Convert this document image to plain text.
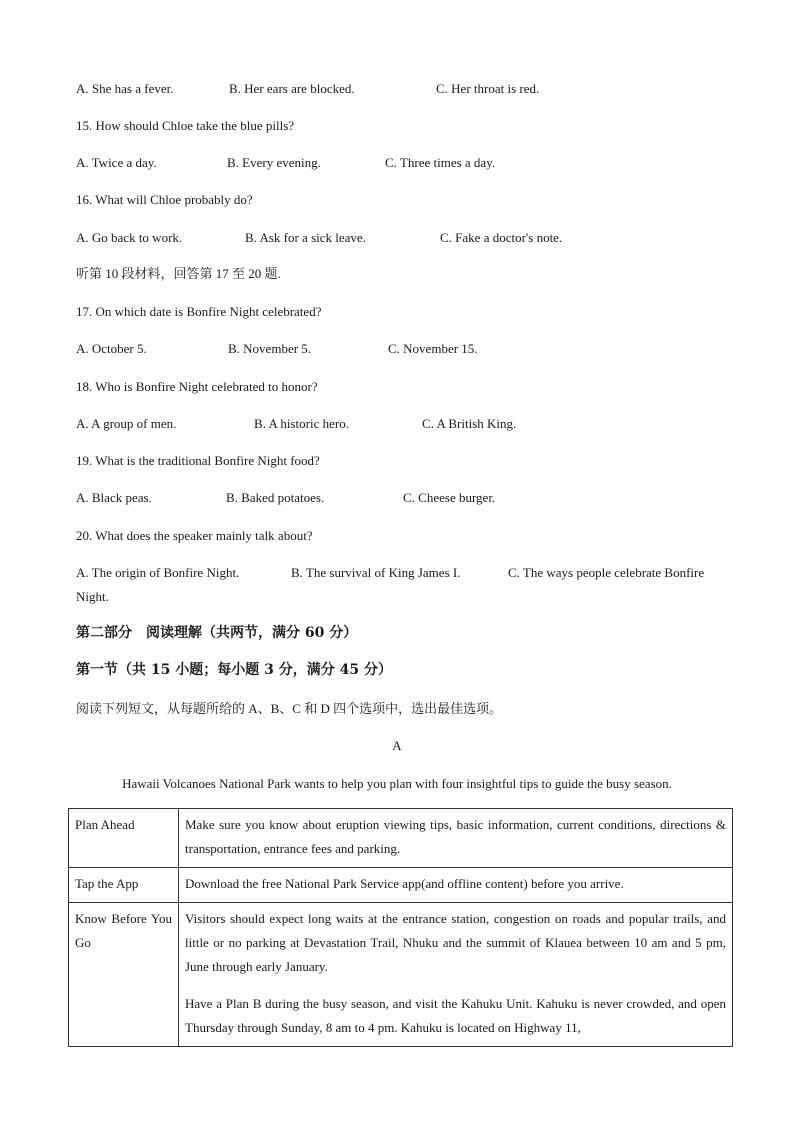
A. She has a fever.	B. Her ears are blocked.	C. Her throat is red.
15. How should Chloe take the blue pills?
A. Twice a day.	B. Every evening.	C. Three times a day.
16. What will Chloe probably do?
A. Go back to work.	B. Ask for a sick leave.	C. Fake a doctor's note.
听第 10 段材料，回答第 17 至 20 题.
17. On which date is Bonfire Night celebrated?
A. October 5.	B. November 5.	C. November 15.
18. Who is Bonfire Night celebrated to honor?
A. A group of men.	B. A historic hero.	C. A British King.
19. What is the traditional Bonfire Night food?
A. Black peas.	B. Baked potatoes.	C. Cheese burger.
20. What does the speaker mainly talk about?
A. The origin of Bonfire Night.	B. The survival of King James I.	C. The ways people celebrate Bonfire
Night.
第二部分　阅读理解（共两节，满分 60 分）
第一节（共 15 小题；每小题 3 分，满分 45 分）
阅读下列短文，从每题所给的 A、B、C 和 D 四个选项中，选出最佳选项。
A
Hawaii Volcanoes National Park wants to help you plan with four insightful tips to guide the busy season.
Plan Ahead	Make sure you know about eruption viewing tips, basic information, current conditions, directions & transportation, entrance fees and parking.
Tap the App	Download the free National Park Service app(and offline content) before you arrive.

Know Before You Go	Visitors should expect long waits at the entrance station, congestion on roads and popular trails, and little or no parking at Devastation Trail, Nhuku and the summit of Klauea between 10 am and 5 pm, June through early January.

Have a Plan B during the busy season, and visit the Kahuku Unit. Kahuku is never crowded, and open Thursday through Sunday, 8 am to 4 pm. Kahuku is located on Highway 11,
